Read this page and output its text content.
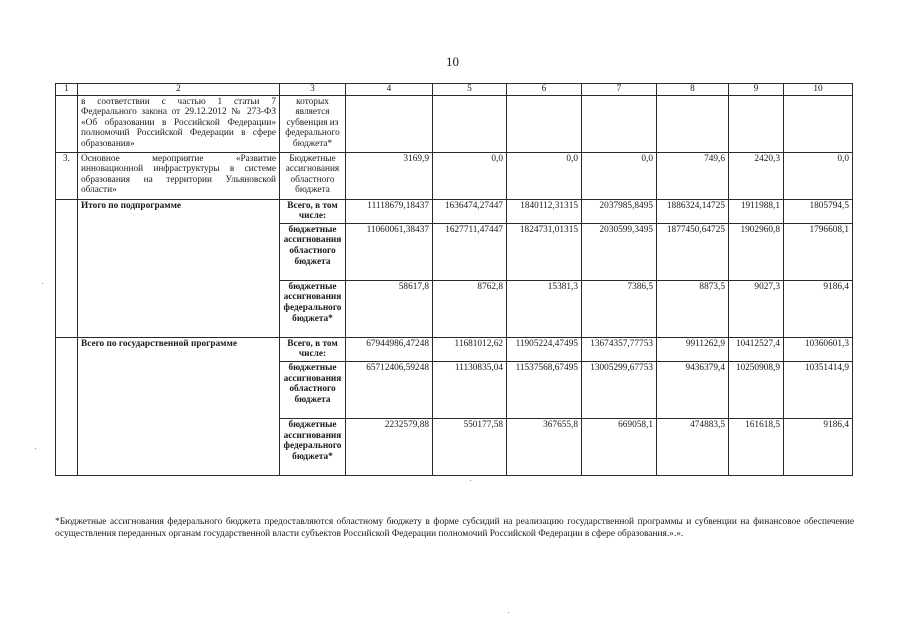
10
1	2	3	4	5	6	7	8	9	10
	в соответствии с частью 1 статьи 7 Федерального закона от 29.12.2012 № 273-ФЗ «Об образовании в Российской Федерации» полномочий Российской Федерации в сфере образования»	которых является субвенция из федерального бюджета*							
3.	Основное мероприятие «Развитие инновационной инфраструктуры в системе образования на территории Ульяновской области»	Бюджетные ассигнования областного бюджета	3169,9	0,0	0,0	0,0	749,6	2420,3	0,0
	Итого по подпрограмме	Всего, в том числе:	11118679,18437	1636474,27447	1840112,31315	2037985,8495	1886324,14725	1911988,1	1805794,5
		бюджетные ассигнования областного бюджета	11060061,38437	1627711,47447	1824731,01315	2030599,3495	1877450,64725	1902960,8	1796608,1
		бюджетные ассигнования федерального бюджета*	58617,8	8762,8	15381,3	7386,5	8873,5	9027,3	9186,4
	Всего по государственной программе	Всего, в том числе:	67944986,47248	11681012,62	11905224,47495	13674357,77753	9911262,9	10412527,4	10360601,3
		бюджетные ассигнования областного бюджета	65712406,59248	11130835,04	11537568,67495	13005299,67753	9436379,4	10250908,9	10351414,9
		бюджетные ассигнования федерального бюджета*	2232579,88	550177,58	367655,8	669058,1	474883,5	161618,5	9186,4
*Бюджетные ассигнования федерального бюджета предоставляются областному бюджету в форме субсидий на реализацию государственной программы и субвенции на финансовое обеспечение осуществления переданных органам государственной власти субъектов Российской Федерации полномочий Российской Федерации в сфере образования.».».
